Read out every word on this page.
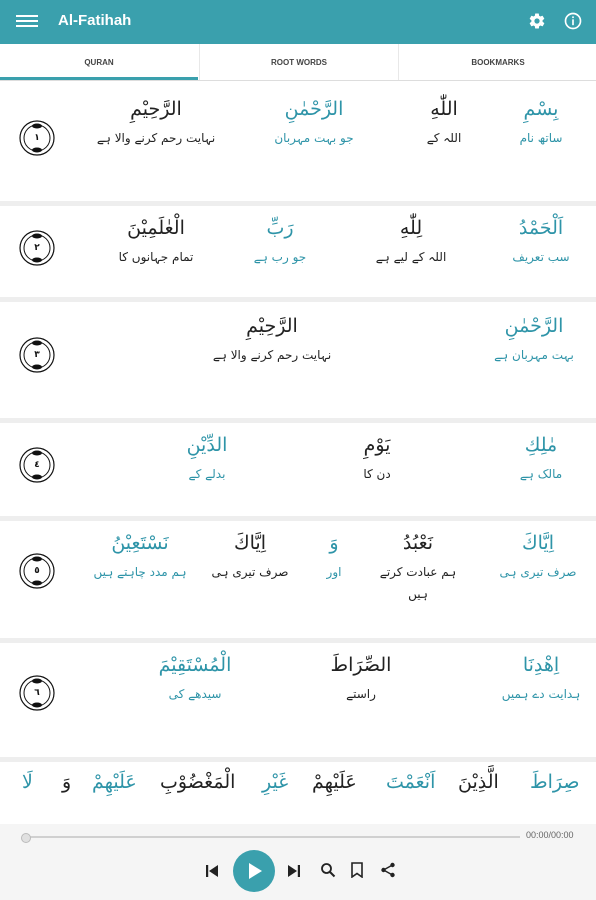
Al-Fatihah
QURAN	ROOT WORDS	BOOKMARKS
١
بِسْمِ
ساتھ نام
اللّٰهِ
اللہ کے
الرَّحْمٰنِ
جو بہت مہربان
الرَّحِيْمِ
نہایت رحم کرنے والا ہے
٢
اَلْحَمْدُ
سب تعریف
لِلّٰهِ
اللہ کے لیے ہے
رَبِّ
جو رب ہے
الْعٰلَمِيْنَ
تمام جہانوں کا
٣
الرَّحْمٰنِ
بہت مہربان ہے
الرَّحِيْمِ
نہایت رحم کرنے والا ہے
٤
مٰلِكِ
مالک ہے
يَوْمِ
دن کا
الدِّيْنِ
بدلے کے
٥
اِيَّاكَ
صرف تیری ہی
نَعْبُدُ
ہم عبادت کرتے ہیں
وَ
اور
اِيَّاكَ
صرف تیری ہی
نَسْتَعِيْنُ
ہم مدد چاہتے ہیں
٦
اِهْدِنَا
ہدایت دے ہمیں
الصِّرَاطَ
راستے
الْمُسْتَقِيْمَ
سیدھے کی
صِرَاطَ
الَّذِيْنَ
اَنْعَمْتَ
عَلَيْهِمْ
غَيْرِ
الْمَغْضُوْبِ
عَلَيْهِمْ
وَ
لَا
00:00/00:00
